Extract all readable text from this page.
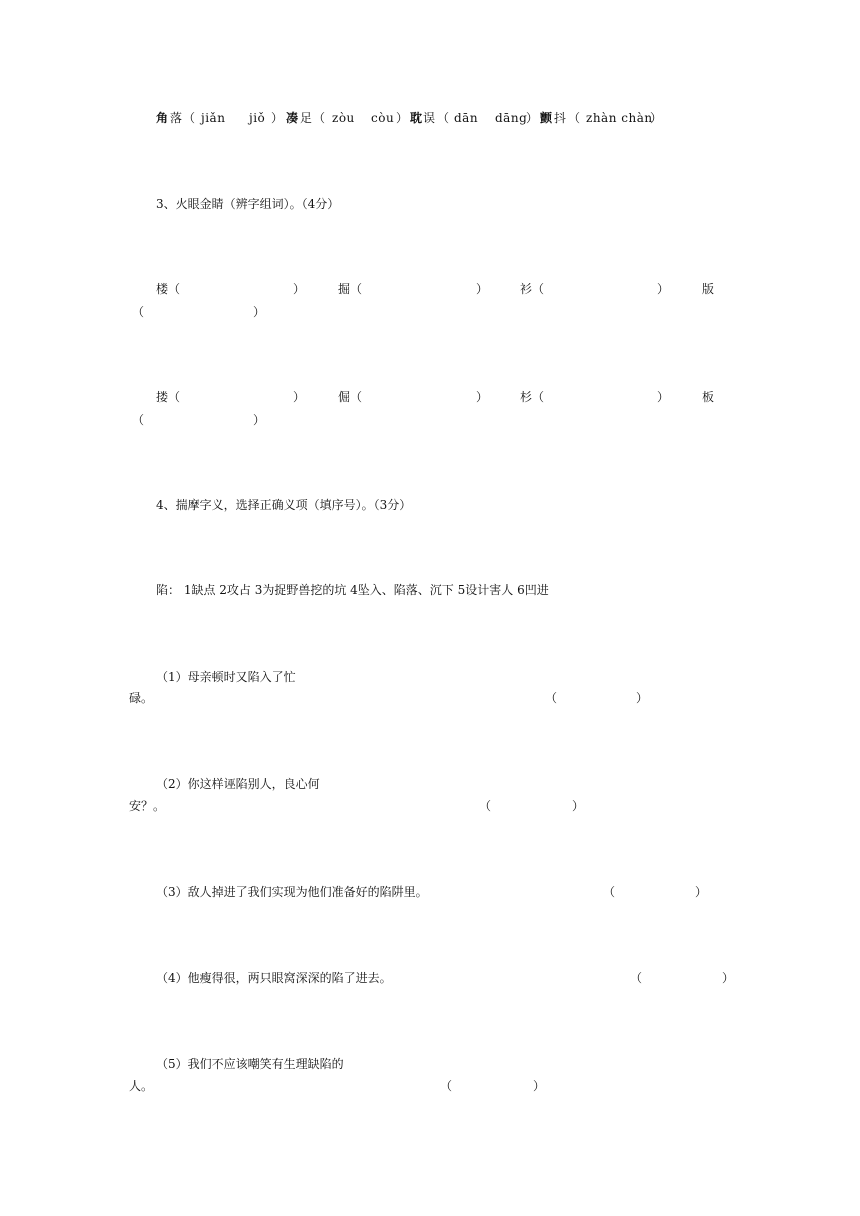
角 落 （ jiǎn jiǒ ） 凑 足 （ zòu còu ） 耽 误 （ dān dāng
） 颤 抖 （ zhàn chàn
）
3、火眼金睛（辨字组词）。（4分）
楼（	）	掘（	）	衫（	）	版
（	）
搂（	）	倔（	）	杉（	）	板
（	）
4、揣摩字义，选择正确义项（填序号）。（3分）
陷： 1缺点 2攻占 3为捉野兽挖的坑 4坠入、陷落、沉下 5设计害人 6凹进
（1）母亲顿时又陷入了忙
碌。	（	）
（2）你这样诬陷别人，良心何
安？。	（	）
（3）敌人掉进了我们实现为他们准备好的陷阱里。	（	）
（4）他瘦得很，两只眼窝深深的陷了进去。	（	）
（5）我们不应该嘲笑有生理缺陷的
人。	（	）
